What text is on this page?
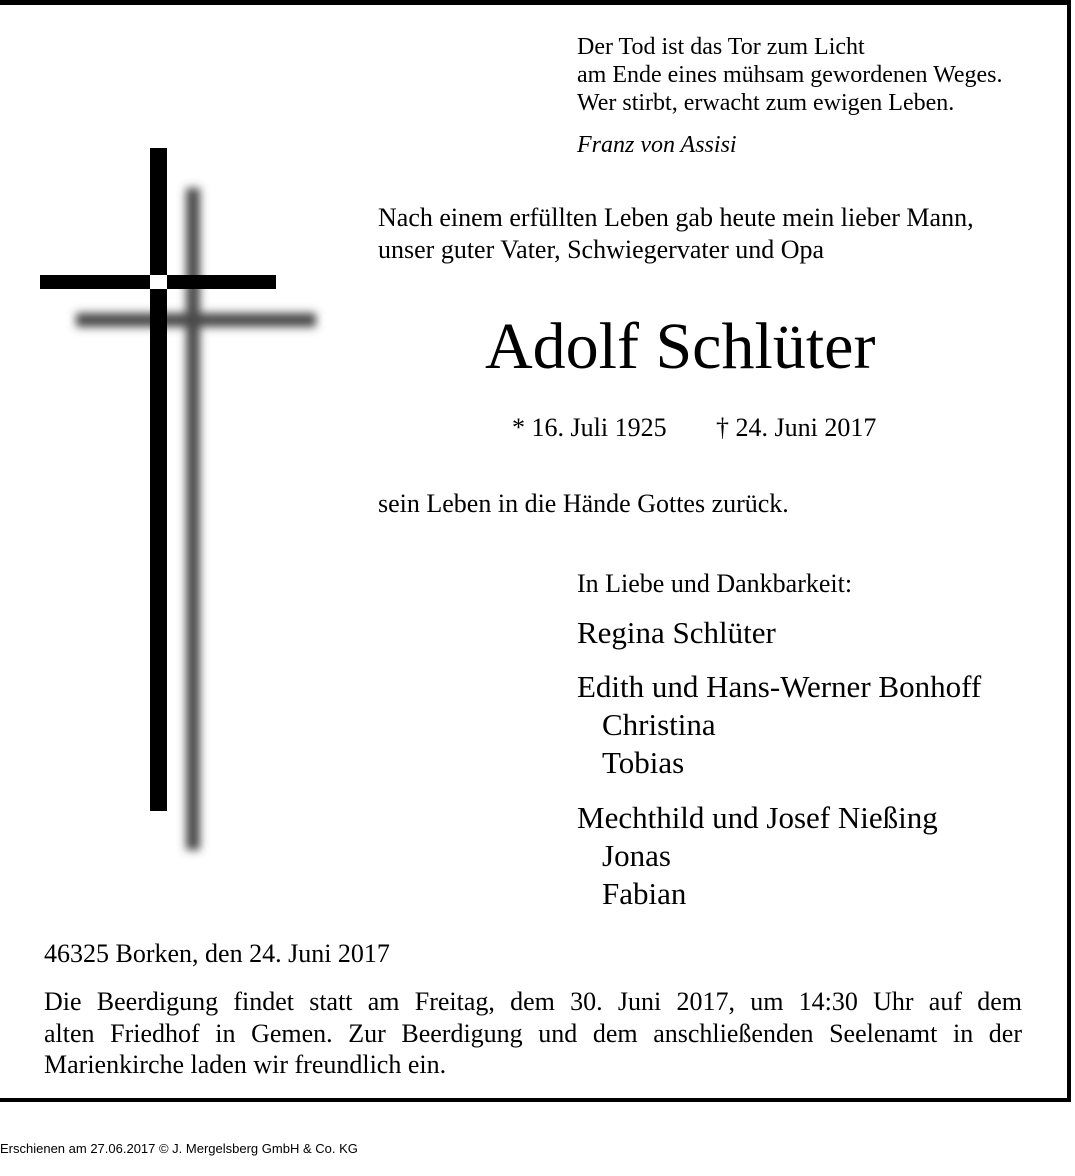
Der Tod ist das Tor zum Licht
am Ende eines mühsam gewordenen Weges.
Wer stirbt, erwacht zum ewigen Leben.
Franz von Assisi
Nach einem erfüllten Leben gab heute mein lieber Mann,
unser guter Vater, Schwiegervater und Opa
Adolf Schlüter
* 16. Juli 1925 † 24. Juni 2017
sein Leben in die Hände Gottes zurück.
In Liebe und Dankbarkeit:
Regina Schlüter
Edith und Hans-Werner Bonhoff
Christina
Tobias
Mechthild und Josef Nießing
Jonas
Fabian
46325 Borken, den 24. Juni 2017
Die Beerdigung findet statt am Freitag, dem 30. Juni 2017, um 14:30 Uhr auf dem
alten Friedhof in Gemen. Zur Beerdigung und dem anschließenden Seelenamt in der
Marienkirche laden wir freundlich ein.
Erschienen am 27.06.2017 © J. Mergelsberg GmbH & Co. KG
